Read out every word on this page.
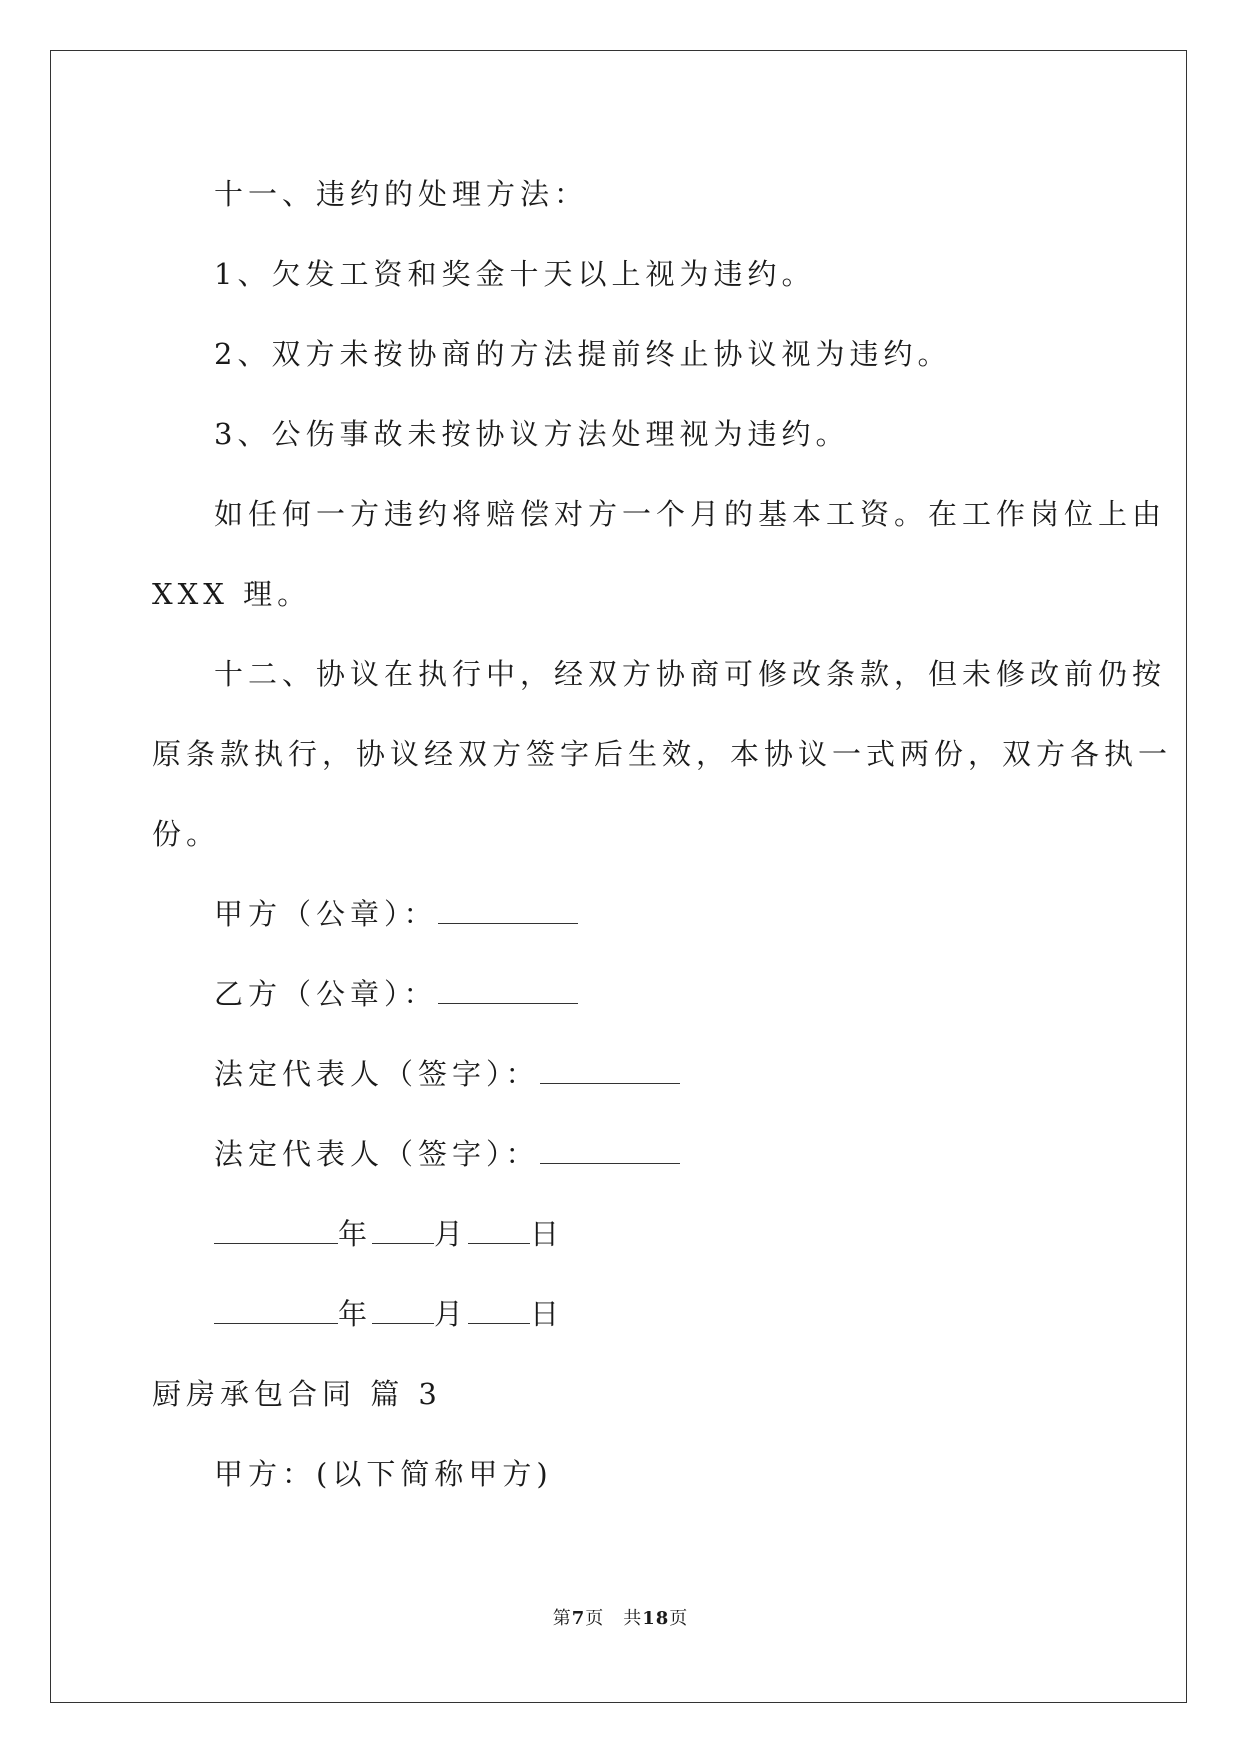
十一、违约的处理方法：
1、欠发工资和奖金十天以上视为违约。
2、双方未按协商的方法提前终止协议视为违约。
3、公伤事故未按协议方法处理视为违约。
如任何一方违约将赔偿对方一个月的基本工资。在工作岗位上由
XXX 理。
十二、协议在执行中，经双方协商可修改条款，但未修改前仍按
原条款执行，协议经双方签字后生效，本协议一式两份，双方各执一
份。
甲方（公章）：
乙方（公章）：
法定代表人（签字）：
法定代表人（签字）：
年 月 日
年 月 日
厨房承包合同 篇 3
甲方：(以下简称甲方)
第7页　共18页
